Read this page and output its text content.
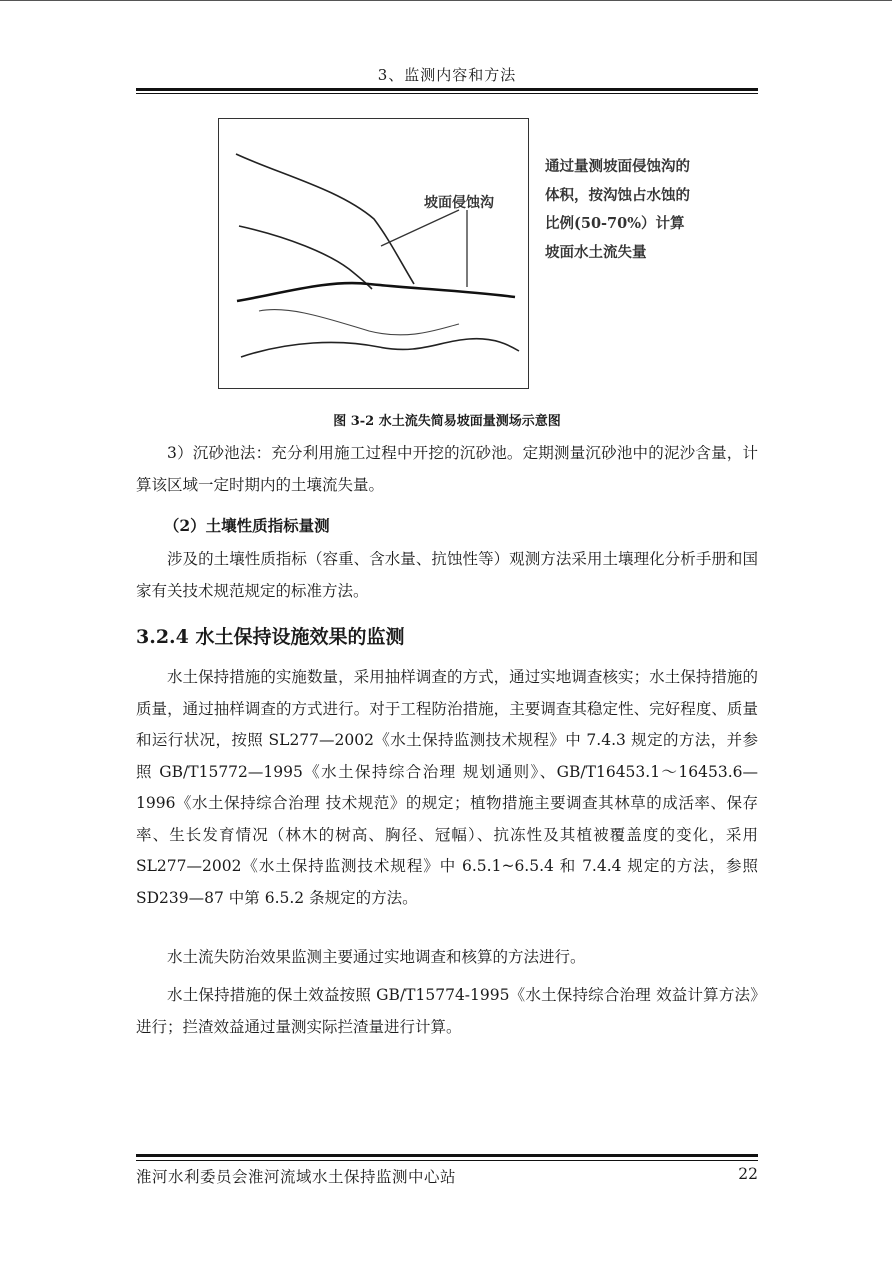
3、监测内容和方法
坡面侵蚀沟
通过量测坡面侵蚀沟的体积，按沟蚀占水蚀的比例(50-70%）计算坡面水土流失量
图 3-2 水土流失简易坡面量测场示意图
3）沉砂池法：充分利用施工过程中开挖的沉砂池。定期测量沉砂池中的泥沙含量，计算该区域一定时期内的土壤流失量。
（2）土壤性质指标量测
涉及的土壤性质指标（容重、含水量、抗蚀性等）观测方法采用土壤理化分析手册和国家有关技术规范规定的标准方法。
3.2.4 水土保持设施效果的监测
水土保持措施的实施数量，采用抽样调查的方式，通过实地调查核实；水土保持措施的质量，通过抽样调查的方式进行。对于工程防治措施，主要调查其稳定性、完好程度、质量和运行状况，按照 SL277—2002《水土保持监测技术规程》中 7.4.3 规定的方法，并参照 GB/T15772—1995《水土保持综合治理 规划通则》、GB/T16453.1～16453.6—1996《水土保持综合治理 技术规范》的规定；植物措施主要调查其林草的成活率、保存率、生长发育情况（林木的树高、胸径、冠幅）、抗冻性及其植被覆盖度的变化，采用 SL277—2002《水土保持监测技术规程》中 6.5.1~6.5.4 和 7.4.4 规定的方法，参照 SD239—87 中第 6.5.2 条规定的方法。
水土流失防治效果监测主要通过实地调查和核算的方法进行。
水土保持措施的保土效益按照 GB/T15774-1995《水土保持综合治理 效益计算方法》进行；拦渣效益通过量测实际拦渣量进行计算。
淮河水利委员会淮河流域水土保持监测中心站	22
